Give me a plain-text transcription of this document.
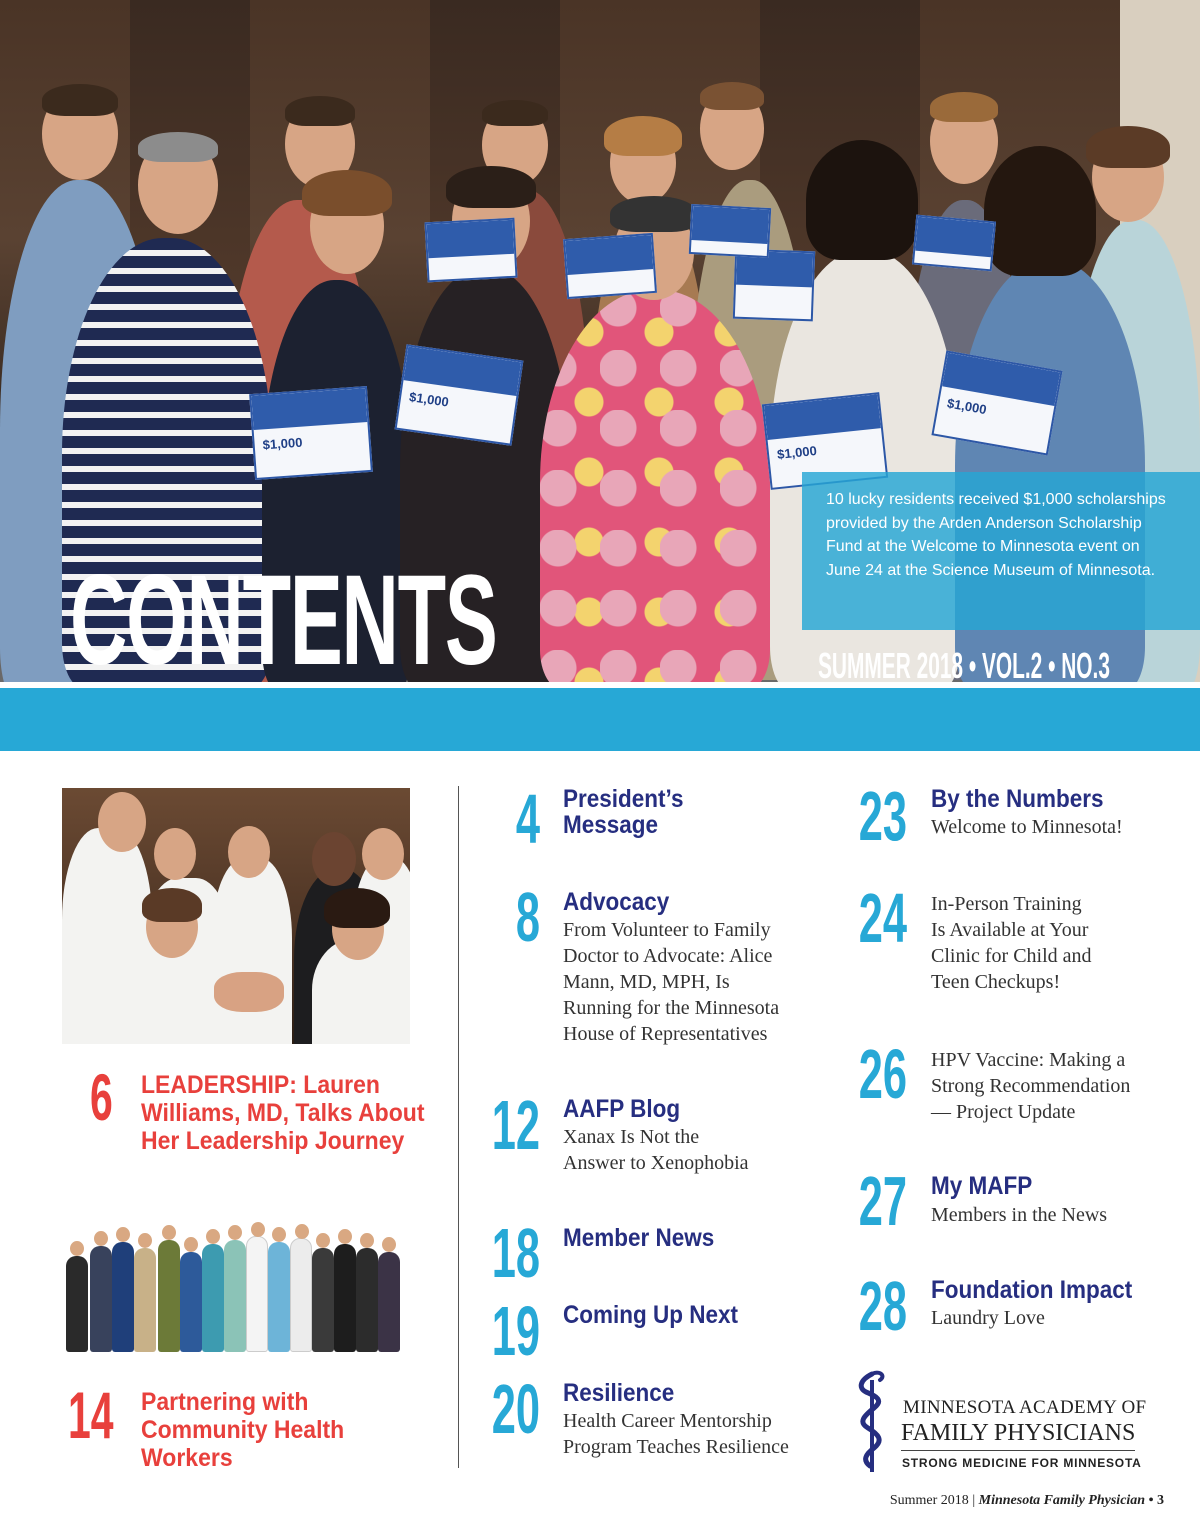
$1,000
$1,000
$1,000
$1,000

10 lucky residents received $1,000 scholarships provided by the Arden Anderson Scholarship Fund at the Welcome to Minnesota event on June 24 at the Science Museum of Minnesota.

CONTENTS	SUMMER 2018 • VOL.2 • NO.3
6 LEADERSHIP: Lauren
Williams, MD, Talks About
Her Leadership Journey
14 Partnering with
Community Health
Workers
4 President’s
Message
8 Advocacy
From Volunteer to Family
Doctor to Advocate: Alice
Mann, MD, MPH, Is
Running for the Minnesota
House of Representatives
12 AAFP Blog
Xanax Is Not the
Answer to Xenophobia
18 Member News
19 Coming Up Next
20 Resilience
Health Career Mentorship
Program Teaches Resilience
23 By the Numbers
Welcome to Minnesota!
24 In-Person Training
Is Available at Your
Clinic for Child and
Teen Checkups!
26 HPV Vaccine: Making a
Strong Recommendation
— Project Update
27 My MAFP
Members in the News
28 Foundation Impact
Laundry Love
MINNESOTA ACADEMY OF
FAMILY PHYSICIANS
STRONG MEDICINE FOR MINNESOTA
Summer 2018 | Minnesota Family Physician • 3
